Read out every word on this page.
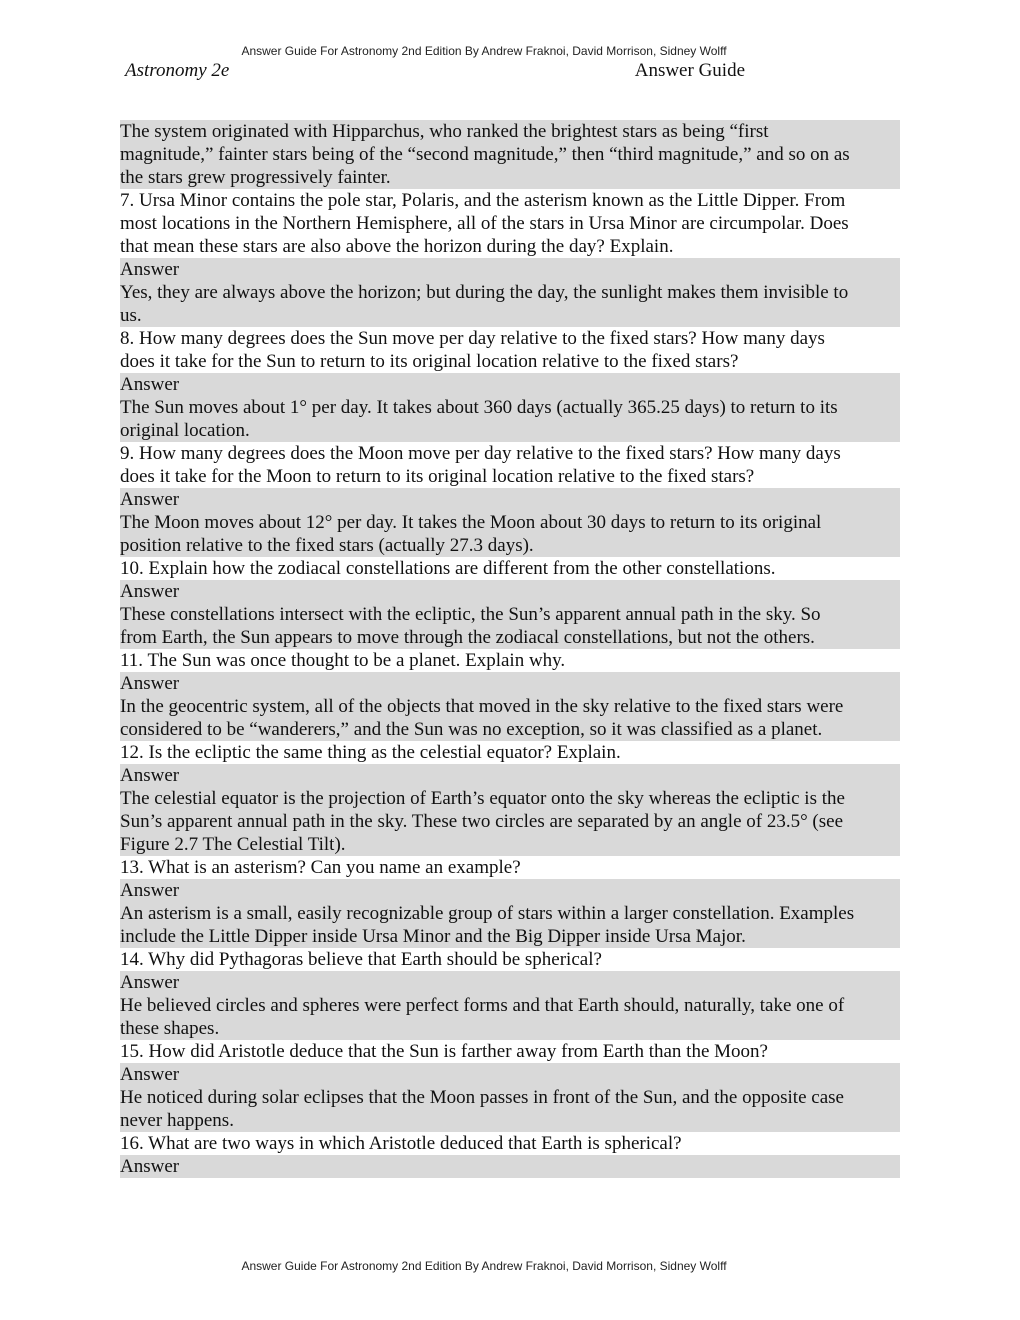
Answer Guide For Astronomy 2nd Edition By Andrew Fraknoi, David Morrison, Sidney Wolff
Astronomy 2e	Answer Guide
The system originated with Hipparchus, who ranked the brightest stars as being “first
magnitude,” fainter stars being of the “second magnitude,” then “third magnitude,” and so on as
the stars grew progressively fainter.
7. Ursa Minor contains the pole star, Polaris, and the asterism known as the Little Dipper. From
most locations in the Northern Hemisphere, all of the stars in Ursa Minor are circumpolar. Does
that mean these stars are also above the horizon during the day? Explain.
Answer
Yes, they are always above the horizon; but during the day, the sunlight makes them invisible to
us.
8. How many degrees does the Sun move per day relative to the fixed stars? How many days
does it take for the Sun to return to its original location relative to the fixed stars?
Answer
The Sun moves about 1° per day. It takes about 360 days (actually 365.25 days) to return to its
original location.
9. How many degrees does the Moon move per day relative to the fixed stars? How many days
does it take for the Moon to return to its original location relative to the fixed stars?
Answer
The Moon moves about 12° per day. It takes the Moon about 30 days to return to its original
position relative to the fixed stars (actually 27.3 days).
10. Explain how the zodiacal constellations are different from the other constellations.
Answer
These constellations intersect with the ecliptic, the Sun’s apparent annual path in the sky. So
from Earth, the Sun appears to move through the zodiacal constellations, but not the others.
11. The Sun was once thought to be a planet. Explain why.
Answer
In the geocentric system, all of the objects that moved in the sky relative to the fixed stars were
considered to be “wanderers,” and the Sun was no exception, so it was classified as a planet.
12. Is the ecliptic the same thing as the celestial equator? Explain.
Answer
The celestial equator is the projection of Earth’s equator onto the sky whereas the ecliptic is the
Sun’s apparent annual path in the sky. These two circles are separated by an angle of 23.5° (see
Figure 2.7 The Celestial Tilt).
13. What is an asterism? Can you name an example?
Answer
An asterism is a small, easily recognizable group of stars within a larger constellation. Examples
include the Little Dipper inside Ursa Minor and the Big Dipper inside Ursa Major.
14. Why did Pythagoras believe that Earth should be spherical?
Answer
He believed circles and spheres were perfect forms and that Earth should, naturally, take one of
these shapes.
15. How did Aristotle deduce that the Sun is farther away from Earth than the Moon?
Answer
He noticed during solar eclipses that the Moon passes in front of the Sun, and the opposite case
never happens.
16. What are two ways in which Aristotle deduced that Earth is spherical?
Answer
Answer Guide For Astronomy 2nd Edition By Andrew Fraknoi, David Morrison, Sidney Wolff
